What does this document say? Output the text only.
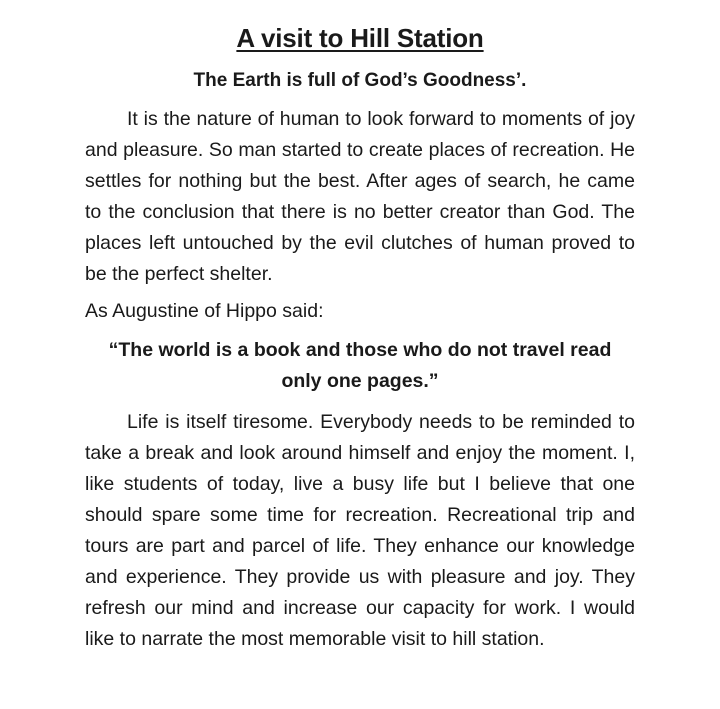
A visit to Hill Station

The Earth is full of God’s Goodness’.

It is the nature of human to look forward to moments of joy and pleasure. So man started to create places of recreation. He settles for nothing but the best. After ages of search, he came to the conclusion that there is no better creator than God. The places left untouched by the evil clutches of human proved to be the perfect shelter.

As Augustine of Hippo said:

“The world is a book and those who do not travel read only one pages.”

Life is itself tiresome. Everybody needs to be reminded to take a break and look around himself and enjoy the moment. I, like students of today, live a busy life but I believe that one should spare some time for recreation. Recreational trip and tours are part and parcel of life. They enhance our knowledge and experience. They provide us with pleasure and joy. They refresh our mind and increase our capacity for work. I would like to narrate the most memorable visit to hill station.
